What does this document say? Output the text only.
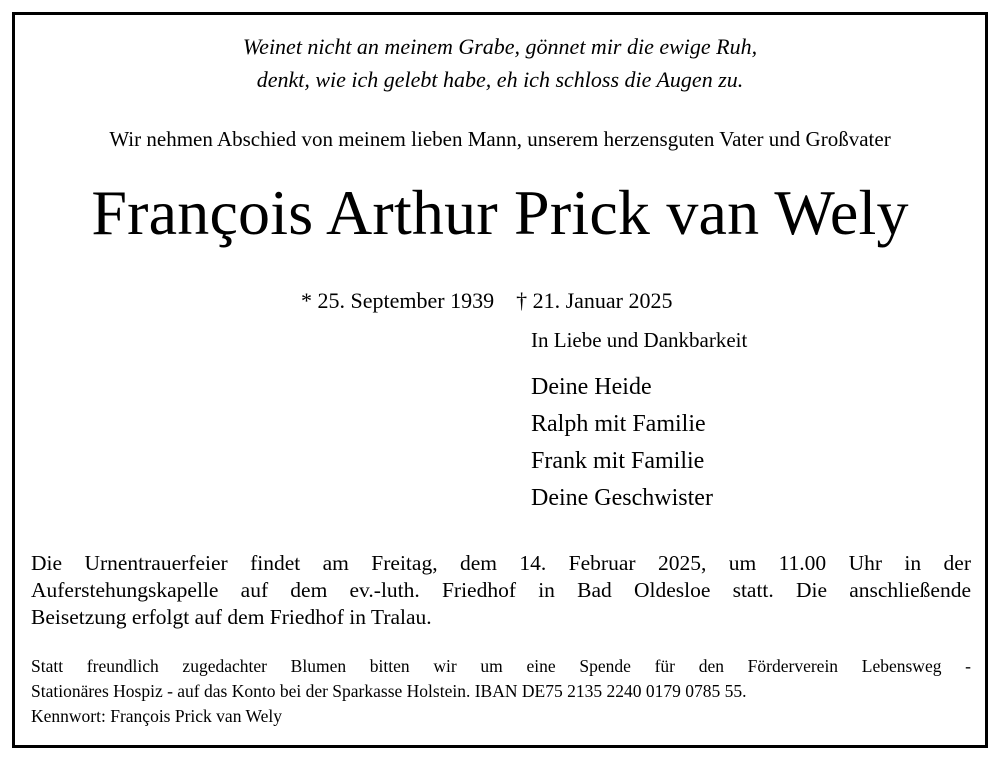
Weinet nicht an meinem Grabe, gönnet mir die ewige Ruh,
denkt, wie ich gelebt habe, eh ich schloss die Augen zu.
Wir nehmen Abschied von meinem lieben Mann, unserem herzensguten Vater und Großvater
François Arthur Prick van Wely

* 25. September 1939 † 21. Januar 2025

In Liebe und Dankbarkeit
Deine Heide
Ralph mit Familie
Frank mit Familie
Deine Geschwister
Die Urnentrauerfeier findet am Freitag, dem 14. Februar 2025, um 11.00 Uhr in der
Auferstehungskapelle auf dem ev.-luth. Friedhof in Bad Oldesloe statt. Die anschließende
Beisetzung erfolgt auf dem Friedhof in Tralau.
Statt freundlich zugedachter Blumen bitten wir um eine Spende für den Förderverein Lebensweg -
Stationäres Hospiz - auf das Konto bei der Sparkasse Holstein. IBAN DE75 2135 2240 0179 0785 55.
Kennwort: François Prick van Wely
